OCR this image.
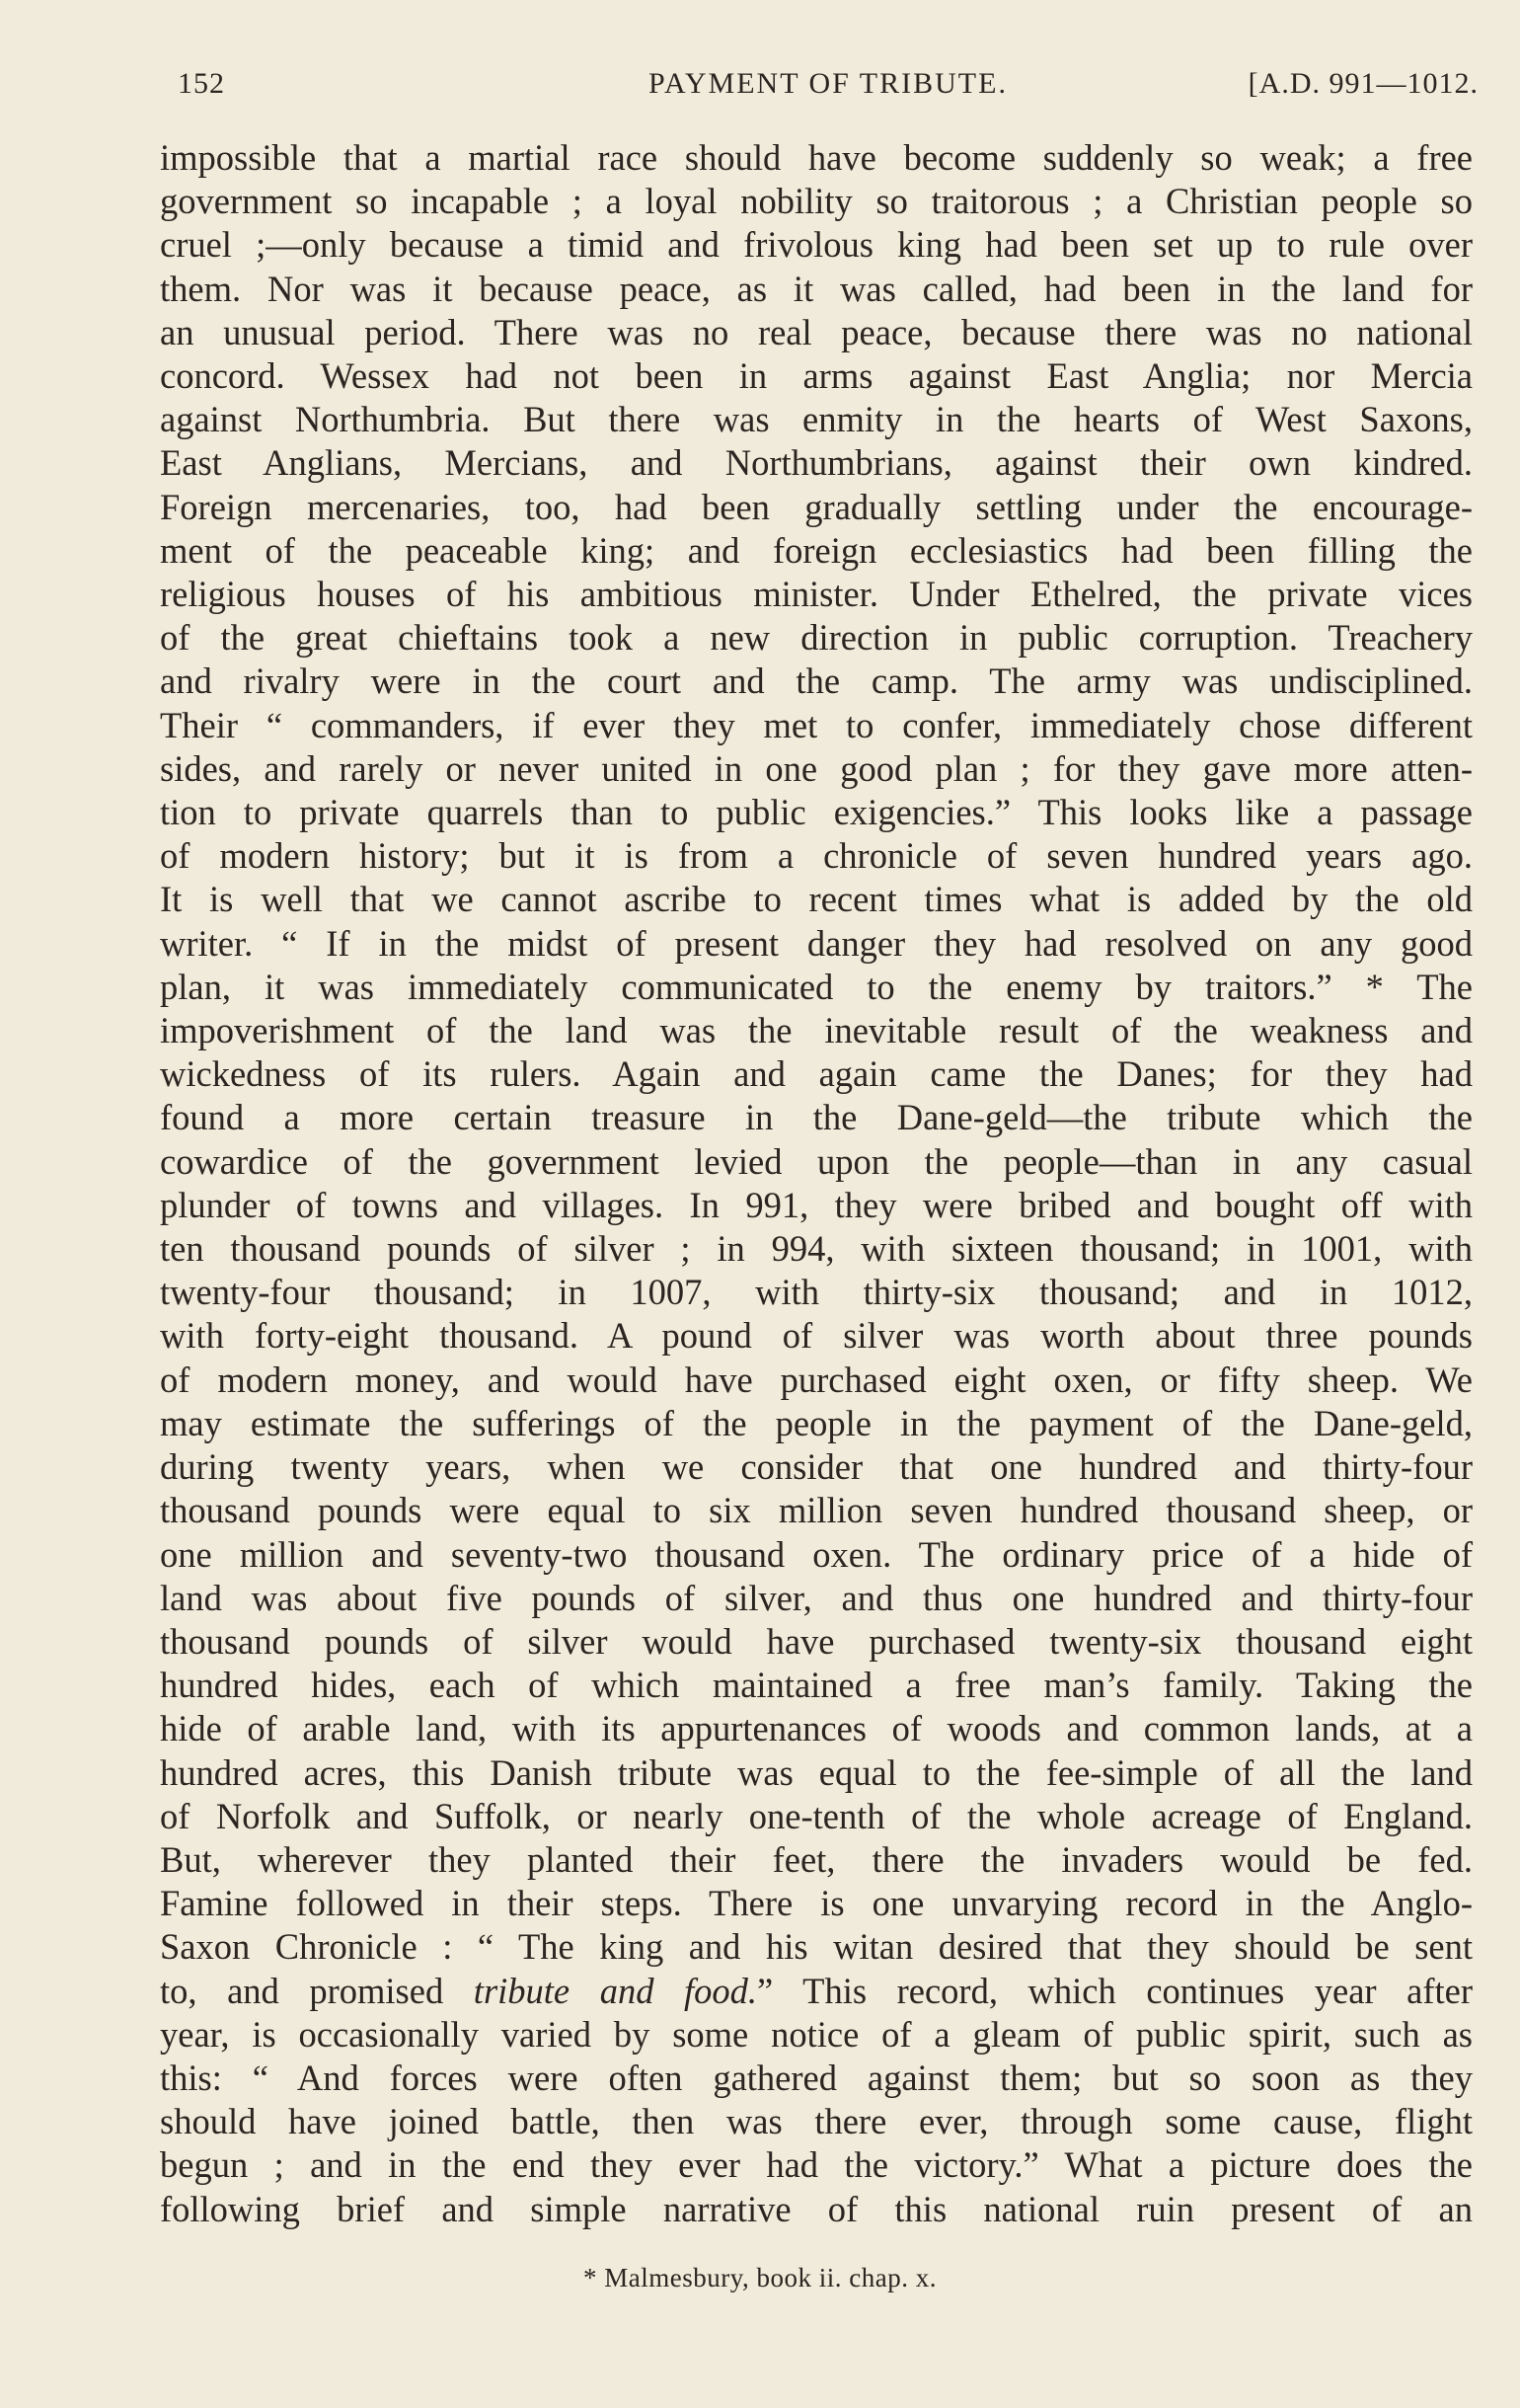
152	PAYMENT OF TRIBUTE.	[A.D. 991—1012.
impossible that a martial race should have become suddenly so weak; a free
government so incapable ; a loyal nobility so traitorous ; a Christian people so
cruel ;—only because a timid and frivolous king had been set up to rule over
them. Nor was it because peace, as it was called, had been in the land for
an unusual period. There was no real peace, because there was no national
concord. Wessex had not been in arms against East Anglia; nor Mercia
against Northumbria. But there was enmity in the hearts of West Saxons,
East Anglians, Mercians, and Northumbrians, against their own kindred.
Foreign mercenaries, too, had been gradually settling under the encourage-
ment of the peaceable king; and foreign ecclesiastics had been filling the
religious houses of his ambitious minister. Under Ethelred, the private vices
of the great chieftains took a new direction in public corruption. Treachery
and rivalry were in the court and the camp. The army was undisciplined.
Their “ commanders, if ever they met to confer, immediately chose different
sides, and rarely or never united in one good plan ; for they gave more atten-
tion to private quarrels than to public exigencies.” This looks like a passage
of modern history; but it is from a chronicle of seven hundred years ago.
It is well that we cannot ascribe to recent times what is added by the old
writer. “ If in the midst of present danger they had resolved on any good
plan, it was immediately communicated to the enemy by traitors.” * The
impoverishment of the land was the inevitable result of the weakness and
wickedness of its rulers. Again and again came the Danes; for they had
found a more certain treasure in the Dane-geld—the tribute which the
cowardice of the government levied upon the people—than in any casual
plunder of towns and villages. In 991, they were bribed and bought off with
ten thousand pounds of silver ; in 994, with sixteen thousand; in 1001, with
twenty-four thousand; in 1007, with thirty-six thousand; and in 1012,
with forty-eight thousand. A pound of silver was worth about three pounds
of modern money, and would have purchased eight oxen, or fifty sheep. We
may estimate the sufferings of the people in the payment of the Dane-geld,
during twenty years, when we consider that one hundred and thirty-four
thousand pounds were equal to six million seven hundred thousand sheep, or
one million and seventy-two thousand oxen. The ordinary price of a hide of
land was about five pounds of silver, and thus one hundred and thirty-four
thousand pounds of silver would have purchased twenty-six thousand eight
hundred hides, each of which maintained a free man’s family. Taking the
hide of arable land, with its appurtenances of woods and common lands, at a
hundred acres, this Danish tribute was equal to the fee-simple of all the land
of Norfolk and Suffolk, or nearly one-tenth of the whole acreage of England.
But, wherever they planted their feet, there the invaders would be fed.
Famine followed in their steps. There is one unvarying record in the Anglo-
Saxon Chronicle : “ The king and his witan desired that they should be sent
to, and promised tribute and food.” This record, which continues year after
year, is occasionally varied by some notice of a gleam of public spirit, such as
this: “ And forces were often gathered against them; but so soon as they
should have joined battle, then was there ever, through some cause, flight
begun ; and in the end they ever had the victory.” What a picture does the
following brief and simple narrative of this national ruin present of an
* Malmesbury, book ii. chap. x.
